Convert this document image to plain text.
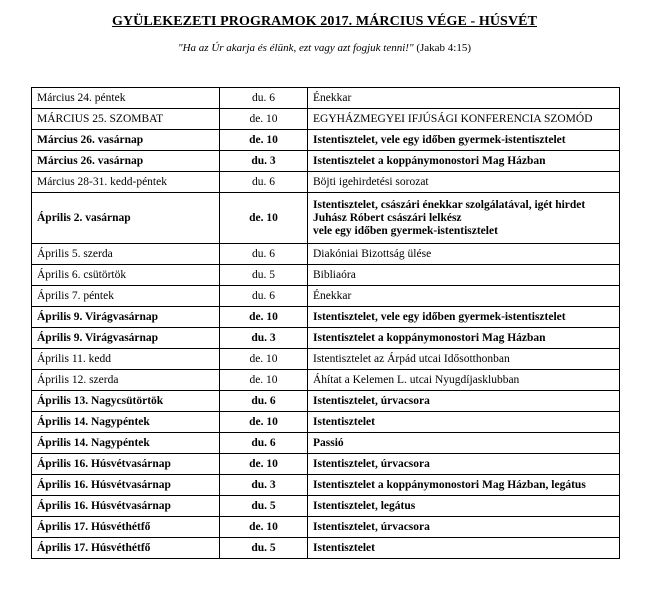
GYÜLEKEZETI PROGRAMOK 2017. MÁRCIUS VÉGE - HÚSVÉT
"Ha az Úr akarja és élünk, ezt vagy azt fogjuk tenni!" (Jakab 4:15)
Március 24. péntek	du. 6	Énekkar
MÁRCIUS 25. SZOMBAT	de. 10	EGYHÁZMEGYEI IFJÚSÁGI KONFERENCIA SZOMÓD
Március 26. vasárnap	de. 10	Istentisztelet, vele egy időben gyermek-istentisztelet
Március 26. vasárnap	du. 3	Istentisztelet a koppánymonostori Mag Házban
Március 28-31. kedd-péntek	du. 6	Böjti igehirdetési sorozat
Április 2. vasárnap	de. 10	Istentisztelet, császári énekkar szolgálatával, igét hirdet
Juhász Róbert császári lelkész
vele egy időben gyermek-istentisztelet
Április 5. szerda	du. 6	Diakóniai Bizottság ülése
Április 6. csütörtök	du. 5	Bibliaóra
Április 7. péntek	du. 6	Énekkar
Április 9. Virágvasárnap	de. 10	Istentisztelet, vele egy időben gyermek-istentisztelet
Április 9. Virágvasárnap	du. 3	Istentisztelet a koppánymonostori Mag Házban
Április 11. kedd	de. 10	Istentisztelet az Árpád utcai Idősotthonban
Április 12. szerda	de. 10	Áhítat a Kelemen L. utcai Nyugdíjasklubban
Április 13. Nagycsütörtök	du. 6	Istentisztelet, úrvacsora
Április 14. Nagypéntek	de. 10	Istentisztelet
Április 14. Nagypéntek	du. 6	Passió
Április 16. Húsvétvasárnap	de. 10	Istentisztelet, úrvacsora
Április 16. Húsvétvasárnap	du. 3	Istentisztelet a koppánymonostori Mag Házban, legátus
Április 16. Húsvétvasárnap	du. 5	Istentisztelet, legátus
Április 17. Húsvéthétfő	de. 10	Istentisztelet, úrvacsora
Április 17. Húsvéthétfő	du. 5	Istentisztelet
